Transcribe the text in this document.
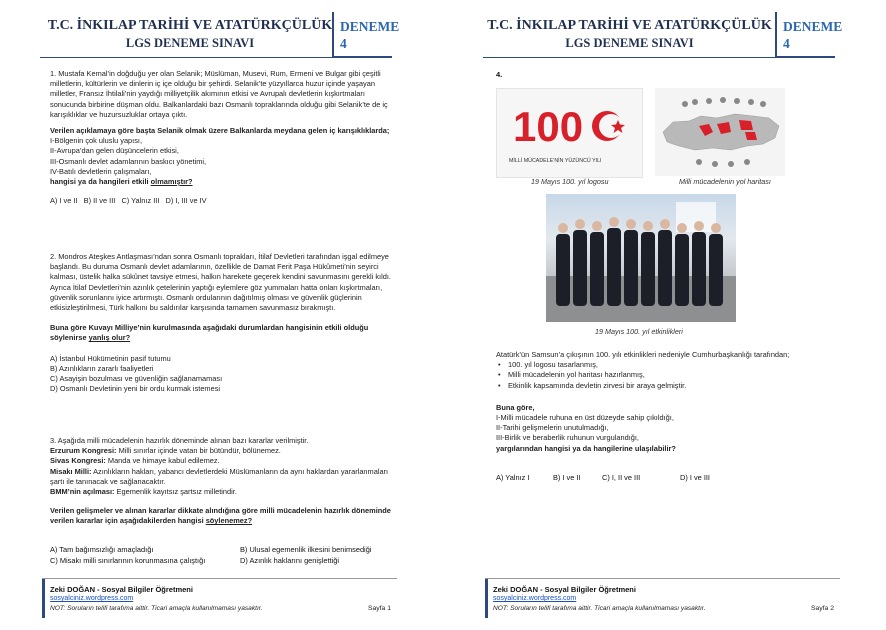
T.C. İNKILAP TARİHİ VE ATATÜRKÇÜLÜK
LGS DENEME SINAVI
DENEME
4

1. Mustafa Kemal’in doğduğu yer olan Selanik; Müslüman, Musevi, Rum, Ermeni ve Bulgar gibi çeşitli milletlerin, kültürlerin ve dinlerin iç içe olduğu bir şehirdi. Selanik’te yüzyıllarca huzur içinde yaşayan milletler, Fransız İhtilali’nin yaydığı milliyetçilik akımının etkisi ve Avrupalı devletlerin kışkırtmaları sonucunda birbirine düşman oldu. Balkanlardaki bazı Osmanlı topraklarında olduğu gibi Selanik’te de iç karışıklıklar ve huzursuzluklar ortaya çıktı.

Verilen açıklamaya göre başta Selanik olmak üzere Balkanlarda meydana gelen iç karışıklıklarda;

I-Bölgenin çok uluslu yapısı,

II-Avrupa’dan gelen düşüncelerin etkisi,

III-Osmanlı devlet adamlarının baskıcı yönetimi,

IV-Batılı devletlerin çalışmaları,

hangisi ya da hangileri etkili olmamıştır?

A) I ve II   B) II ve III   C) Yalnız III   D) I, III ve IV

2. Mondros Ateşkes Antlaşması’ndan sonra Osmanlı toprakları, İtilaf Devletleri tarafından işgal edilmeye başlandı. Bu duruma Osmanlı devlet adamlarının, özellikle de Damat Ferit Paşa Hükûmeti’nin seyirci kalması, üstelik halka sükûnet tavsiye etmesi, halkın harekete geçerek kendini savunmasını gerekli kıldı. Ayrıca İtilaf Devletleri’nin azınlık çetelerinin yaptığı eylemlere göz yummaları hatta onları kışkırtmaları, güvenlik sorunlarını iyice artırmıştı. Osmanlı ordularının dağıtılmış olması ve güvenlik güçlerinin etkisizleştirilmesi, Türk halkını bu saldırılar karşısında tamamen savunmasız bırakmıştı.

Buna göre Kuvayı Milliye’nin kurulmasında aşağıdaki durumlardan hangisinin etkili olduğu söylenirse yanlış olur?

A) İstanbul Hükümetinin pasif tutumu

B) Azınlıkların zararlı faaliyetleri

C) Asayişin bozulması ve güvenliğin sağlanamaması

D) Osmanlı Devletinin yeni bir ordu kurmak istemesi

3. Aşağıda milli mücadelenin hazırlık döneminde alınan bazı kararlar verilmiştir.

Erzurum Kongresi: Milli sınırlar içinde vatan bir bütündür, bölünemez.

Sivas Kongresi: Manda ve himaye kabul edilemez.

Misakı Milli: Azınlıkların hakları, yabancı devletlerdeki Müslümanların da aynı haklardan yararlanmaları şartı ile tanınacak ve sağlanacaktır.

BMM’nin açılması: Egemenlik kayıtsız şartsız milletindir.

Verilen gelişmeler ve alınan kararlar dikkate alındığına göre milli mücadelenin hazırlık döneminde verilen kararlar için aşağıdakilerden hangisi söylenemez?

A) Tam bağımsızlığı amaçladığı	B) Ulusal egemenlik ilkesini benimsediği
C) Misakı milli sınırlarının korunmasına çalıştığı	D) Azınlık haklarını genişlettiği
Zeki DOĞAN - Sosyal Bilgiler Öğretmeni
sosyalciniz.wordpress.com
NOT: Soruların telifi tarafıma aittir. Ticari amaçla kullanılmaması yasaktır.	Sayfa 1
T.C. İNKILAP TARİHİ VE ATATÜRKÇÜLÜK
LGS DENEME SINAVI
DENEME
4
4.
100
MİLLİ MÜCADELE’NİN YÜZÜNCÜ YILI
19 Mayıs 100. yıl logosu	Milli mücadelenin yol haritası
19 Mayıs 100. yıl etkinlikleri

Atatürk’ün Samsun’a çıkışının 100. yılı etkinlikleri nedeniyle Cumhurbaşkanlığı tarafından;

• 100. yıl logosu tasarlanmış,

• Milli mücadelenin yol haritası hazırlanmış,

• Etkinlik kapsamında devletin zirvesi bir araya gelmiştir.

Buna göre,

I-Milli mücadele ruhuna en üst düzeyde sahip çıkıldığı,

II-Tarihi gelişmelerin unutulmadığı,

III-Birlik ve beraberlik ruhunun vurgulandığı,

yargılarından hangisi ya da hangilerine ulaşılabilir?

A) Yalnız I	B) I ve II	C) I, II ve III	D) I ve III
Zeki DOĞAN - Sosyal Bilgiler Öğretmeni
sosyalciniz.wordpress.com
NOT: Soruların telifi tarafıma aittir. Ticari amaçla kullanılmaması yasaktır.	Sayfa 2
